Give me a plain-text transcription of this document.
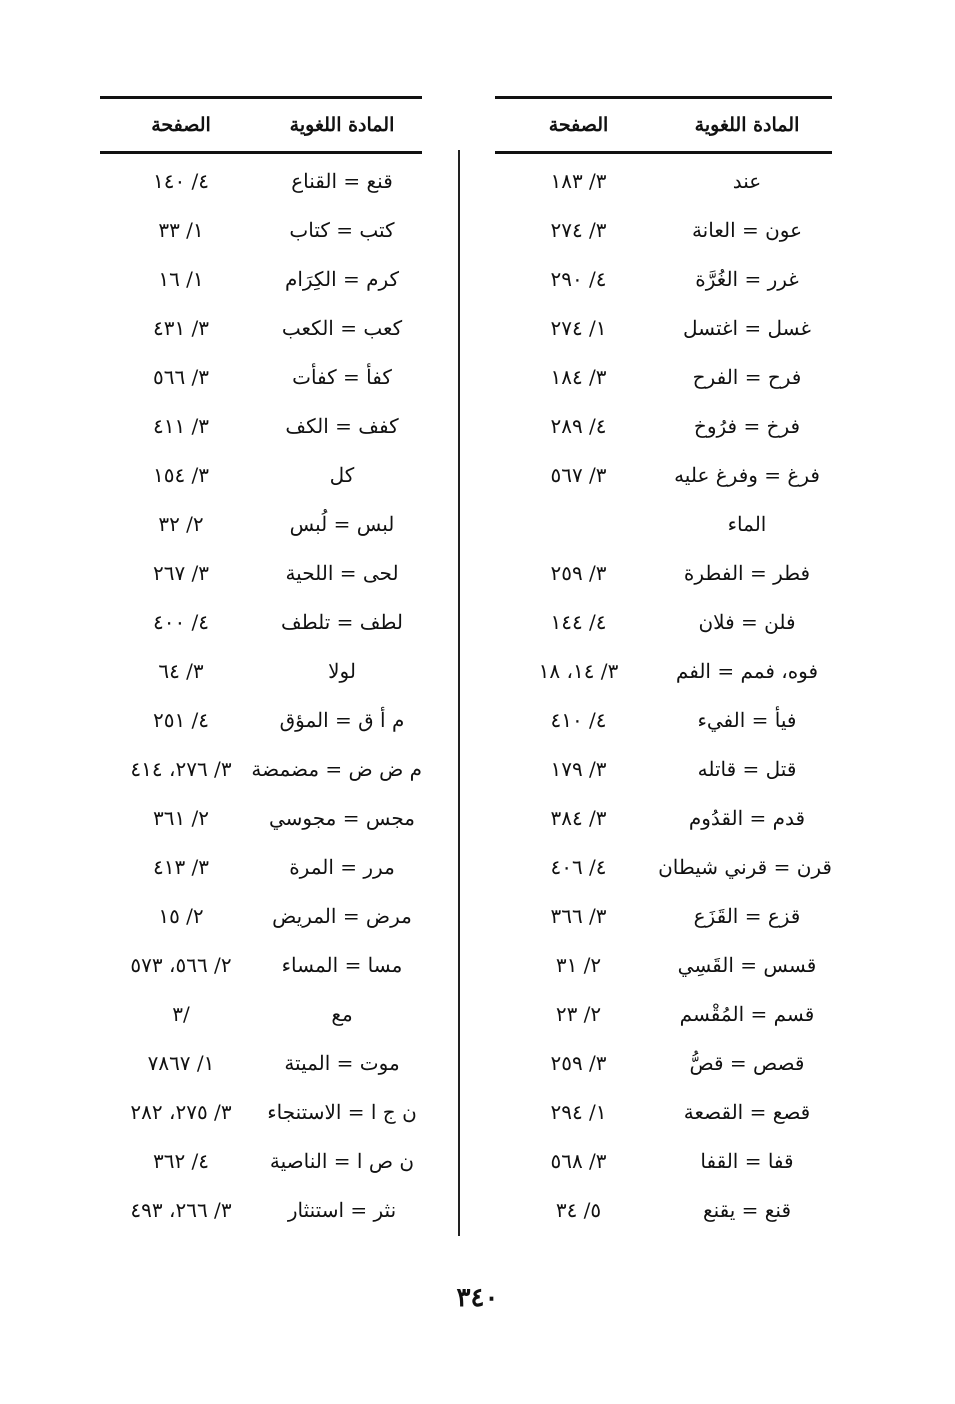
المادة اللغوية
الصفحة
عند
٣/ ١٨٣
عون = العانة
٣/ ٢٧٤
غرر = الغُرَّة
٤/ ٢٩٠
غسل = اغتسل
١/ ٢٧٤
فرح = الفرح
٣/ ١٨٤
فرخ = فرُوخ
٤/ ٢٨٩
فرغ = وفرغ عليه
٣/ ٥٦٧
الماء
فطر = الفطرة
٣/ ٢٥٩
فلن = فلان
٤/ ١٤٤
فوه، فمم = الفم
٣/ ١٤، ١٨
فيأ = الفيء
٤/ ٤١٠
قتل = قاتله
٣/ ١٧٩
قدم = القدُوم
٣/ ٣٨٤
قرن = قرني شيطان
٤/ ٤٠٦
قزع = القَزَع
٣/ ٣٦٦
قسس = القَسِي
٢/ ٣١
قسم = المُقْسم
٢/ ٢٣
قصص = قصُّ
٣/ ٢٥٩
قصع = القصعة
١/ ٢٩٤
قفا = القفا
٣/ ٥٦٨
قنع = يقنع
٥/ ٣٤
المادة اللغوية
الصفحة
قنع = القناع
٤/ ١٤٠
كتب = كتاب
١/ ٣٣
كرم = الكِرَام
١/ ١٦
كعب = الكعب
٣/ ٤٣١
كفأ = كفأت
٣/ ٥٦٦
كفف = الكف
٣/ ٤١١
كل
٣/ ١٥٤
لبس = لُبس
٢/ ٣٢
لحى = اللحية
٣/ ٢٦٧
لطف = تلطف
٤/ ٤٠٠
لولا
٣/ ٦٤
م أ ق = المؤق
٤/ ٢٥١
م ض ض = مضمضة
٣/ ٢٧٦، ٤١٤
مجس = مجوسي
٢/ ٣٦١
مرر = المرة
٣/ ٤١٣
مرض = المريض
٢/ ١٥
مسا = المساء
٢/ ٥٦٦، ٥٧٣
مع
٣/
موت = الميتة
١/ ٧٨٦٧
ن ج ا = الاستنجاء
٣/ ٢٧٥، ٢٨٢
ن ص ا = الناصية
٤/ ٣٦٢
نثر = استنثار
٣/ ٢٦٦، ٤٩٣
٣٤٠
